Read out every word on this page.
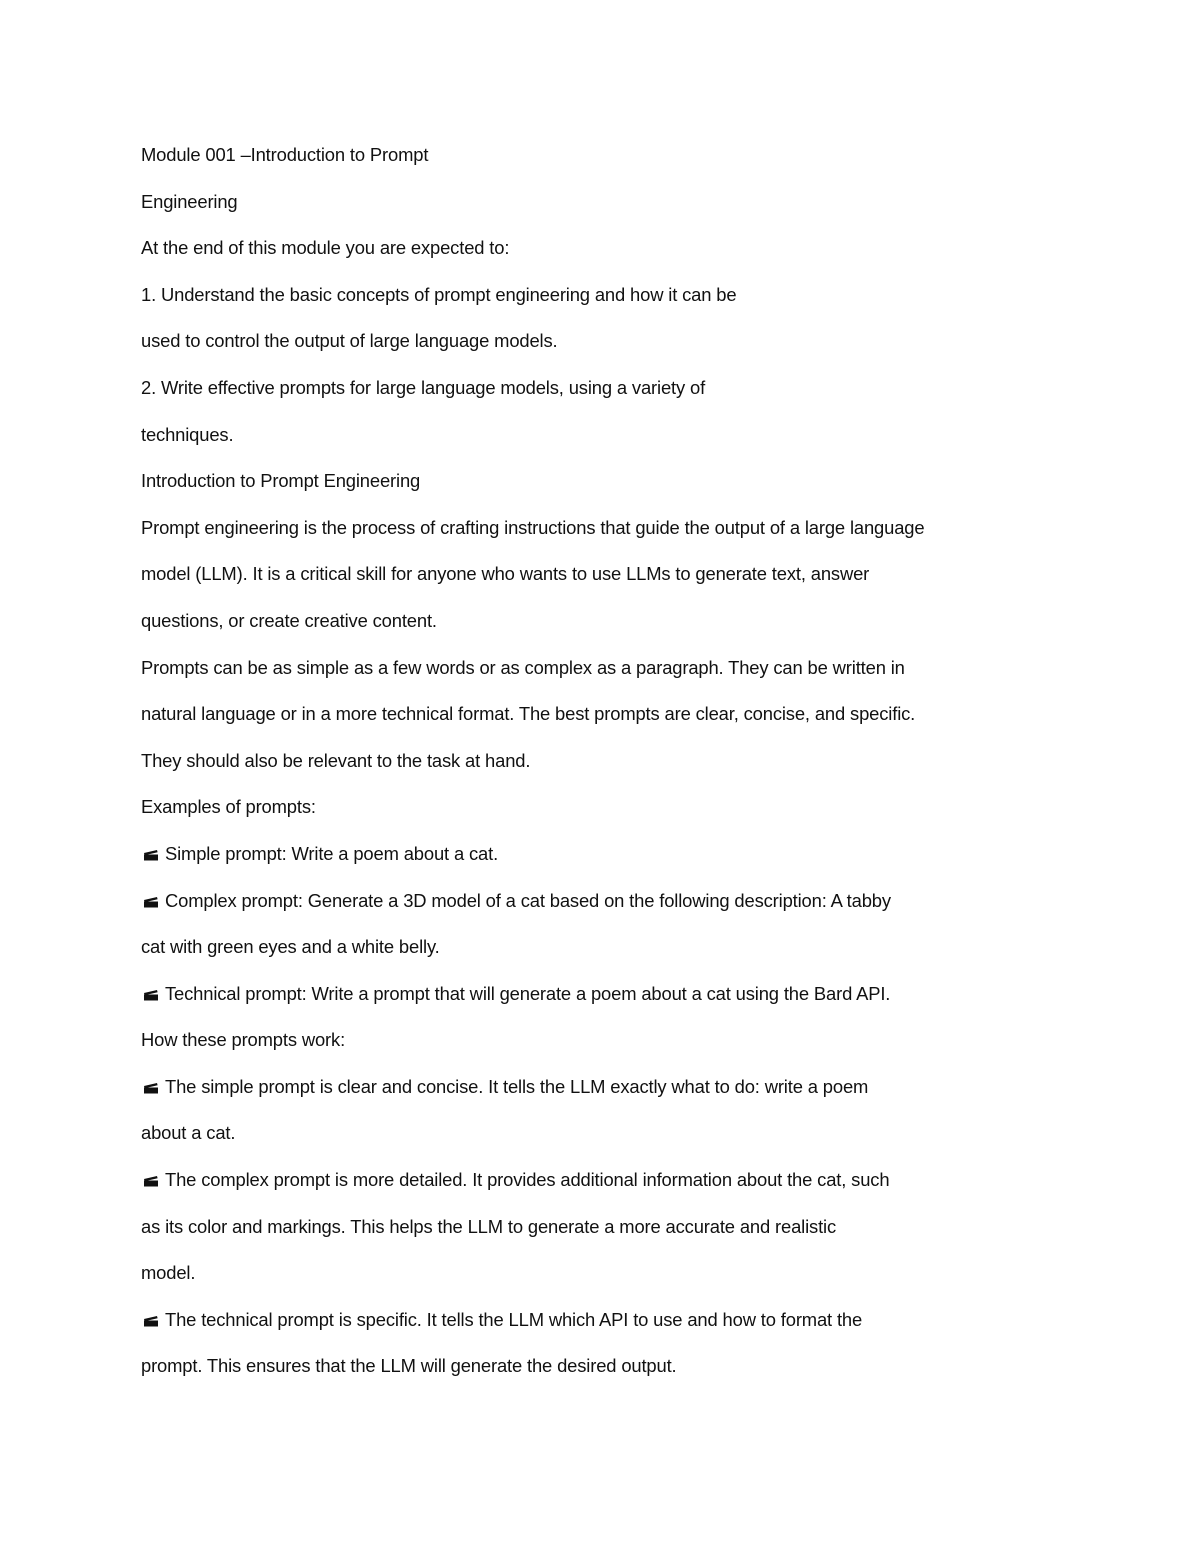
Module 001 –Introduction to Prompt
Engineering
At the end of this module you are expected to:
1. Understand the basic concepts of prompt engineering and how it can be
used to control the output of large language models.
2. Write effective prompts for large language models, using a variety of
techniques.
Introduction to Prompt Engineering
Prompt engineering is the process of crafting instructions that guide the output of a large language
model (LLM). It is a critical skill for anyone who wants to use LLMs to generate text, answer
questions, or create creative content.
Prompts can be as simple as a few words or as complex as a paragraph. They can be written in
natural language or in a more technical format. The best prompts are clear, concise, and specific.
They should also be relevant to the task at hand.
Examples of prompts:
Simple prompt: Write a poem about a cat.
Complex prompt: Generate a 3D model of a cat based on the following description: A tabby
cat with green eyes and a white belly.
Technical prompt: Write a prompt that will generate a poem about a cat using the Bard API.
How these prompts work:
The simple prompt is clear and concise. It tells the LLM exactly what to do: write a poem
about a cat.
The complex prompt is more detailed. It provides additional information about the cat, such
as its color and markings. This helps the LLM to generate a more accurate and realistic
model.
The technical prompt is specific. It tells the LLM which API to use and how to format the
prompt. This ensures that the LLM will generate the desired output.
